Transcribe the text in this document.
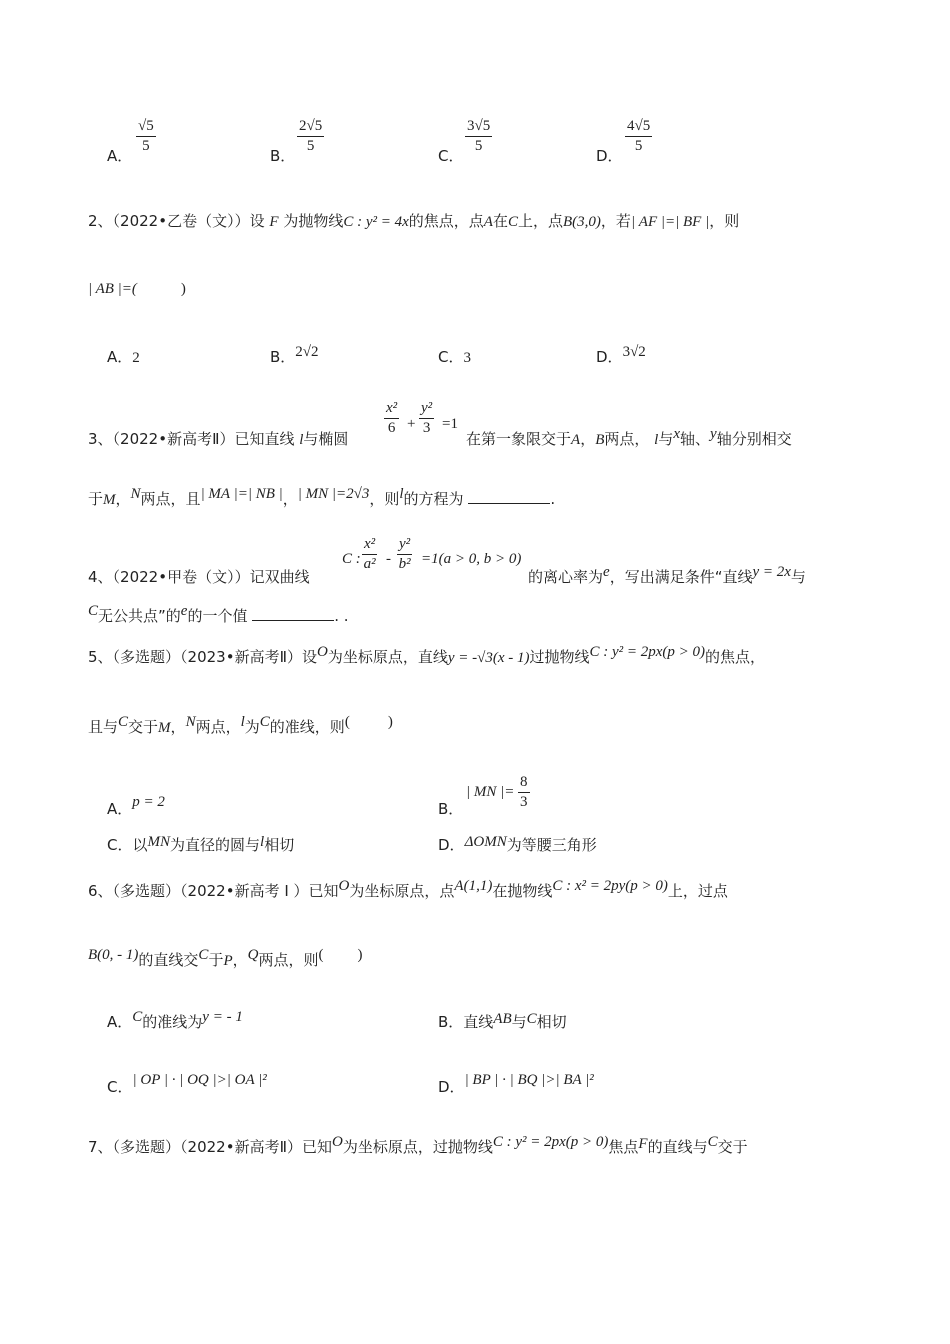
A．
$\frac{√5}{5}$
B．
$\frac{2√5}{5}$
C．
$\frac{3√5}{5}$
D．
$\frac{4√5}{5}$
2、（2022•乙卷（文））设 F 为抛物线C : y² = 4x的焦点，点A在C上，点B(3,0)，若| AF |=| BF |，则
| AB |=(	)
A．2	B．2√2	C．3	D．3√2
3、（2022•新高考Ⅱ）已知直线 l与椭圆
$\frac{\text{x²}}{6} + \frac{\text{y²}}{3} =1$
在第一象限交于A，B两点， l与x轴、y轴分别相交
于M，N两点，且| MA |=| NB |，| MN |=2√3，则l的方程为	.
4、（2022•甲卷（文））记双曲线
C : $\frac{\text{x²}}{\text{a²}} - \frac{\text{y²}}{\text{b²}} =1(a > 0$, b > 0)
的离心率为e，写出满足条件“直线y = 2x与
C无公共点”的e的一个值	. .
5、（多选题）（2023•新高考Ⅱ）设O为坐标原点，直线y = -√3(x - 1)过抛物线C : y² = 2px(p > 0)的焦点，
且与C交于M，N两点，l为C的准线，则(	)
A．p = 2	B．
| MN |= $\frac{8}{3}$
C．以MN为直径的圆与l相切	D．ΔOMN为等腰三角形
6、（多选题）（2022•新高考 Ⅰ ）已知O为坐标原点，点A(1,1)在抛物线C : x² = 2py(p > 0)上，过点
B(0, - 1)的直线交C于P，Q两点，则( )
A．C的准线为y = - 1	B．直线AB与C相切
C．| OP | · | OQ |>| OA |²	D．| BP | · | BQ |>| BA |²
7、（多选题）（2022•新高考Ⅱ）已知O为坐标原点，过抛物线C : y² = 2px(p > 0)焦点F的直线与C交于
